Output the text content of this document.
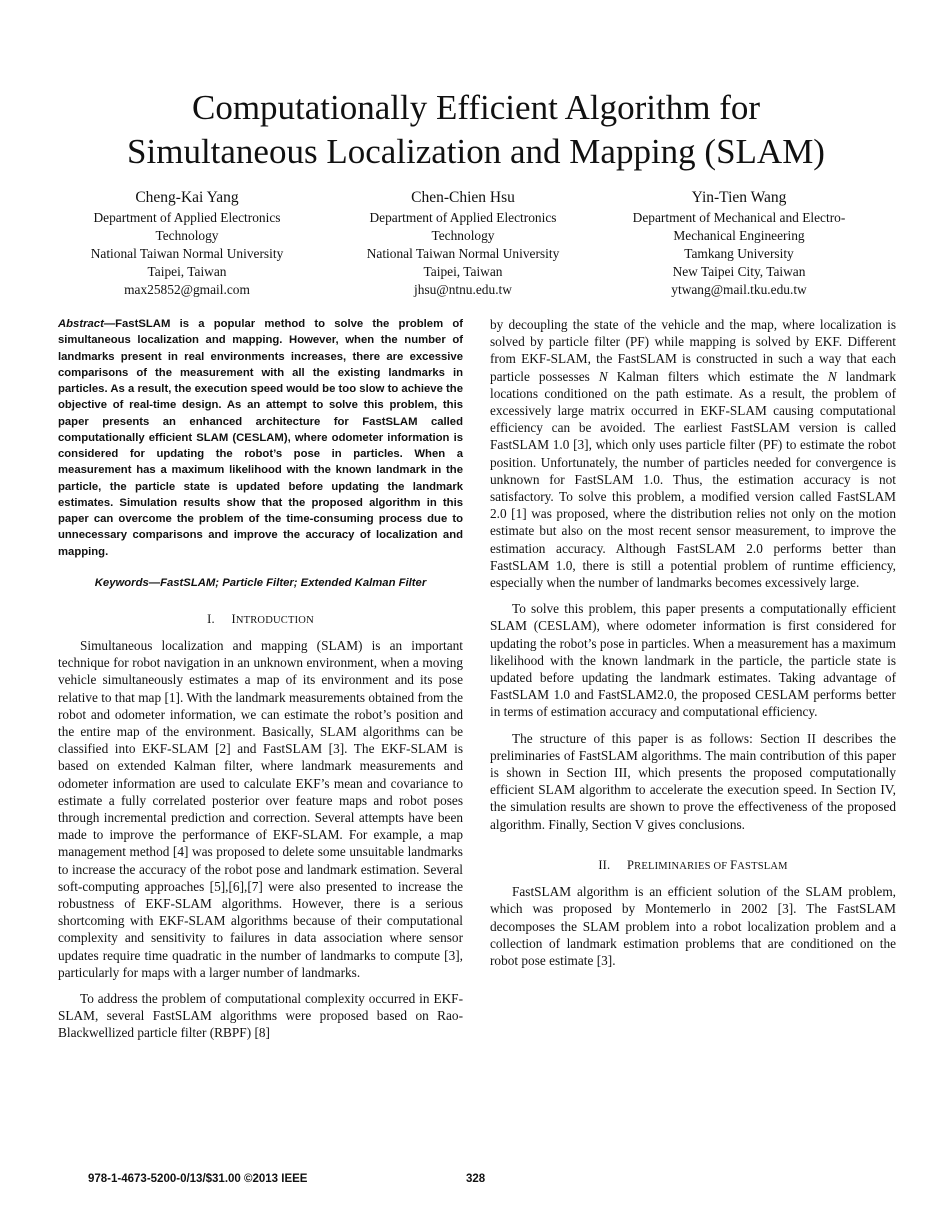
Computationally Efficient Algorithm for
Simultaneous Localization and Mapping (SLAM)
Cheng-Kai Yang
Department of Applied Electronics
Technology
National Taiwan Normal University
Taipei, Taiwan
max25852@gmail.com
Chen-Chien Hsu
Department of Applied Electronics
Technology
National Taiwan Normal University
Taipei, Taiwan
jhsu@ntnu.edu.tw
Yin-Tien Wang
Department of Mechanical and Electro-
Mechanical Engineering
Tamkang University
New Taipei City, Taiwan
ytwang@mail.tku.edu.tw

Abstract—FastSLAM is a popular method to solve the problem of simultaneous localization and mapping. However, when the number of landmarks present in real environments increases, there are excessive comparisons of the measurement with all the existing landmarks in particles. As a result, the execution speed would be too slow to achieve the objective of real-time design. As an attempt to solve this problem, this paper presents an enhanced architecture for FastSLAM called computationally efficient SLAM (CESLAM), where odometer information is considered for updating the robot’s pose in particles. When a measurement has a maximum likelihood with the known landmark in the particle, the particle state is updated before updating the landmark estimates. Simulation results show that the proposed algorithm in this paper can overcome the problem of the time-consuming process due to unnecessary comparisons and improve the accuracy of localization and mapping.

Keywords—FastSLAM; Particle Filter; Extended Kalman Filter

I. INTRODUCTION

Simultaneous localization and mapping (SLAM) is an important technique for robot navigation in an unknown environment, when a moving vehicle simultaneously estimates a map of its environment and its pose relative to that map [1]. With the landmark measurements obtained from the robot and odometer information, we can estimate the robot’s position and the entire map of the environment. Basically, SLAM algorithms can be classified into EKF-SLAM [2] and FastSLAM [3]. The EKF-SLAM is based on extended Kalman filter, where landmark measurements and odometer information are used to calculate EKF’s mean and covariance to estimate a fully correlated posterior over feature maps and robot poses through incremental prediction and correction. Several attempts have been made to improve the performance of EKF-SLAM. For example, a map management method [4] was proposed to delete some unsuitable landmarks to increase the accuracy of the robot pose and landmark estimation. Several soft-computing approaches [5],[6],[7] were also presented to increase the robustness of EKF-SLAM algorithms. However, there is a serious shortcoming with EKF-SLAM algorithms because of their computational complexity and sensitivity to failures in data association where sensor updates require time quadratic in the number of landmarks to compute [3], particularly for maps with a larger number of landmarks.

To address the problem of computational complexity occurred in EKF-SLAM, several FastSLAM algorithms were proposed based on Rao-Blackwellized particle filter (RBPF) [8]

by decoupling the state of the vehicle and the map, where localization is solved by particle filter (PF) while mapping is solved by EKF. Different from EKF-SLAM, the FastSLAM is constructed in such a way that each particle possesses N Kalman filters which estimate the N landmark locations conditioned on the path estimate. As a result, the problem of excessively large matrix occurred in EKF-SLAM causing computational efficiency can be avoided. The earliest FastSLAM version is called FastSLAM 1.0 [3], which only uses particle filter (PF) to estimate the robot position. Unfortunately, the number of particles needed for convergence is unknown for FastSLAM 1.0. Thus, the estimation accuracy is not satisfactory. To solve this problem, a modified version called FastSLAM 2.0 [1] was proposed, where the distribution relies not only on the motion estimate but also on the most recent sensor measurement, to improve the estimation accuracy. Although FastSLAM 2.0 performs better than FastSLAM 1.0, there is still a potential problem of runtime efficiency, especially when the number of landmarks becomes excessively large.

To solve this problem, this paper presents a computationally efficient SLAM (CESLAM), where odometer information is first considered for updating the robot’s pose in particles. When a measurement has a maximum likelihood with the known landmark in the particle, the particle state is updated before updating the landmark estimates. Taking advantage of FastSLAM 1.0 and FastSLAM2.0, the proposed CESLAM performs better in terms of estimation accuracy and computational efficiency.

The structure of this paper is as follows: Section II describes the preliminaries of FastSLAM algorithms. The main contribution of this paper is shown in Section III, which presents the proposed computationally efficient SLAM algorithm to accelerate the execution speed. In Section IV, the simulation results are shown to prove the effectiveness of the proposed algorithm. Finally, Section V gives conclusions.

II. PRELIMINARIES OF FASTSLAM

FastSLAM algorithm is an efficient solution of the SLAM problem, which was proposed by Montemerlo in 2002 [3]. The FastSLAM decomposes the SLAM problem into a robot localization problem and a collection of landmark estimation problems that are conditioned on the robot pose estimate [3].

978-1-4673-5200-0/13/$31.00 ©2013 IEEE	328
